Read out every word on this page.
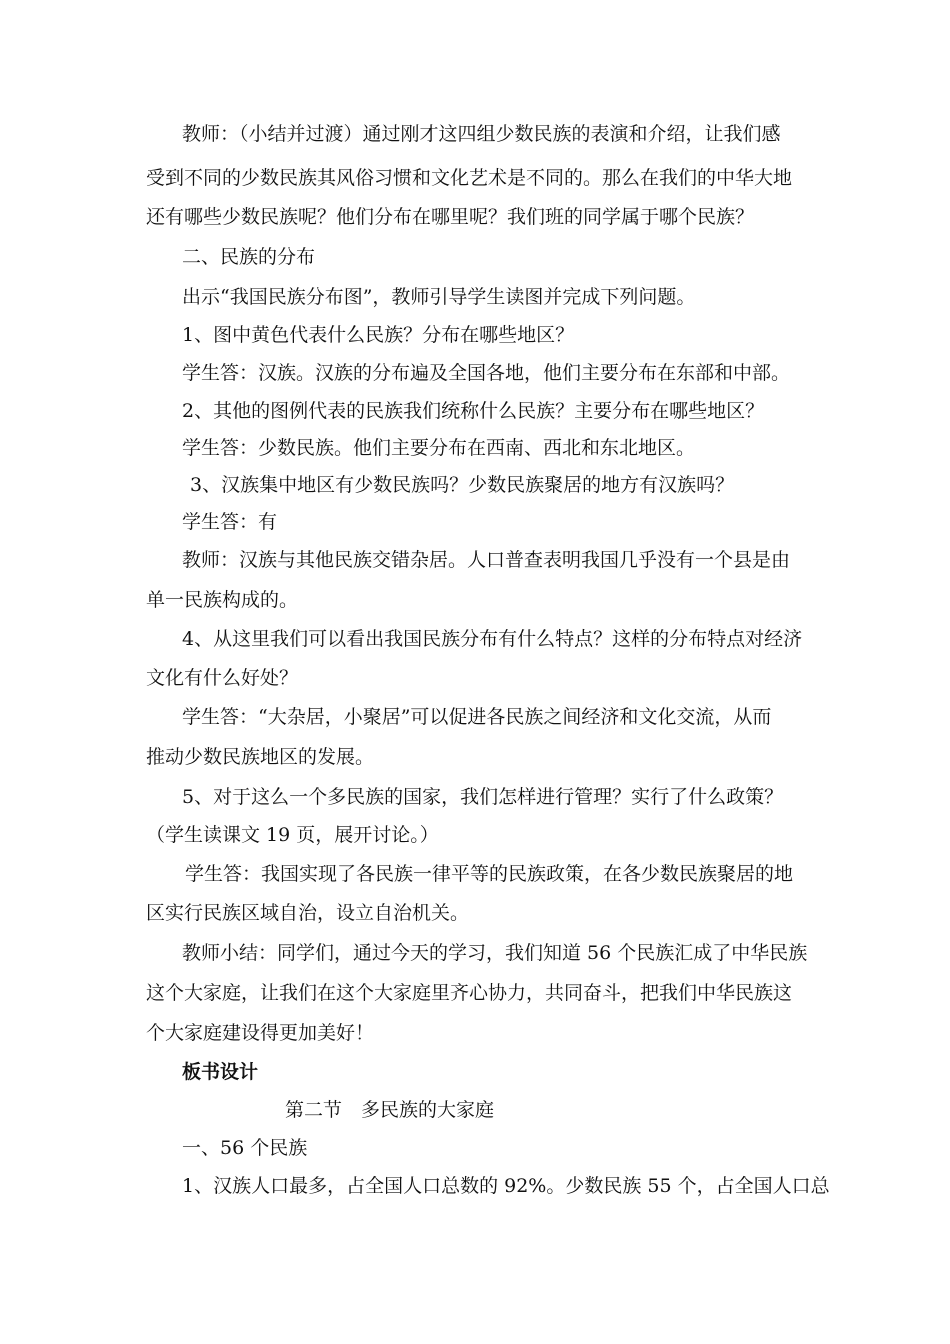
教师：（小结并过渡）通过刚才这四组少数民族的表演和介绍，让我们感
受到不同的少数民族其风俗习惯和文化艺术是不同的。那么在我们的中华大地
还有哪些少数民族呢？他们分布在哪里呢？我们班的同学属于哪个民族？
二、民族的分布
出示“我国民族分布图”，教师引导学生读图并完成下列问题。
1、图中黄色代表什么民族？分布在哪些地区？
学生答：汉族。汉族的分布遍及全国各地，他们主要分布在东部和中部。
2、其他的图例代表的民族我们统称什么民族？主要分布在哪些地区？
学生答：少数民族。他们主要分布在西南、西北和东北地区。
3、汉族集中地区有少数民族吗？少数民族聚居的地方有汉族吗？
学生答：有
教师：汉族与其他民族交错杂居。人口普查表明我国几乎没有一个县是由
单一民族构成的。
4、从这里我们可以看出我国民族分布有什么特点？这样的分布特点对经济
文化有什么好处？
学生答：“大杂居，小聚居”可以促进各民族之间经济和文化交流，从而
推动少数民族地区的发展。
5、对于这么一个多民族的国家，我们怎样进行管理？实行了什么政策？
（学生读课文 19 页，展开讨论。）
学生答：我国实现了各民族一律平等的民族政策，在各少数民族聚居的地
区实行民族区域自治，设立自治机关。
教师小结：同学们，通过今天的学习，我们知道 56 个民族汇成了中华民族
这个大家庭，让我们在这个大家庭里齐心协力，共同奋斗，把我们中华民族这
个大家庭建设得更加美好！
板书设计
第二节　多民族的大家庭
一、56 个民族
1、汉族人口最多，占全国人口总数的 92%。少数民族 55 个，占全国人口总
